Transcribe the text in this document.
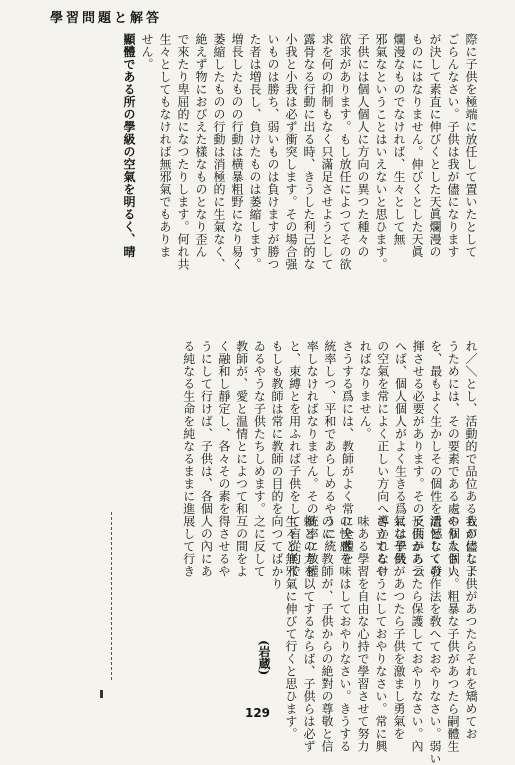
學習問題と解答
際に子供を極端に放任して置いたとして
ごらんなさい。子供は我が儘になります
が決して素直に伸びくとした天眞爛漫の
ものにはなりません。伸びくとした天眞
爛漫なものでなければ、生々として無
邪氣なということはいえないと思ひます。
子供には個人個人に方向の異つた種々の
欲求があります。もし放任によつてその欲
求を何の抑制もなく只滿足させようとして
露骨なる行動に出る時、きうした利己的な
小我と小我は必ず衝突します。その場合强
いものは勝ち、弱いものは負けますが勝つ
た者は増長し、負けたものは萎縮します。
増長したものの行動は横暴粗野になり易く
萎縮したものの行動は消極的に生氣なく、
絶えず物におびえた樣なものとなり歪ん
で來たり卑屈的になつたりします。何れ共
生々としてもなければ無邪氣でもありま
せん。
顯體である所の學級の空氣を明るく、晴
れ／＼とし、活動的で品位あるものにしよ
うためには、その要素である處の個人個人
を、最もよく生かしその個性を遺憾なく發
揮させる必要があります。その反面から云
へば、個人個人がよく生きる爲には學級
の空氣を常によく正しい方向へ導かれなけ
ればなりません。
さうする爲には、教師がよく常に全體を
統率しつ、平和であらしめるやうに統
率しなければなりません。その統率に教權
と、束縛とを用ふれば子供をして盲從的で
もしも教師は常に教師の目的を向つてばかり
ゐるやうな子供たちしめます。之に反して
教師が、愛と温情とによつて和互の間をよ
く融和し靜定し、各々その素を得させるや
うにして行けば、子供は、各個人の內にあ
る純なる生命を純なるままに進展して行き
我が儘な子供があつたらそれを矯めてお
やりなさい。粗暴な子供があつたら嗣體生
活としての作法を敎へておやりなさい。弱い
子供があつたら保護しておやりなさい。內
氣な子供があつたら子供を激まし勇氣を
さ立てるやうにしておやりなさい。常に興
味ある學習を自由な心持で學習させて努力
の快感を味はしておやりなさい。きうする
のに、教師が、子供からの絶對の尊敬と信
頼との力を以てするならば、子供らは必ず
生々と無邪氣に伸びて行くと思ひます。
(岩蔵)
129
